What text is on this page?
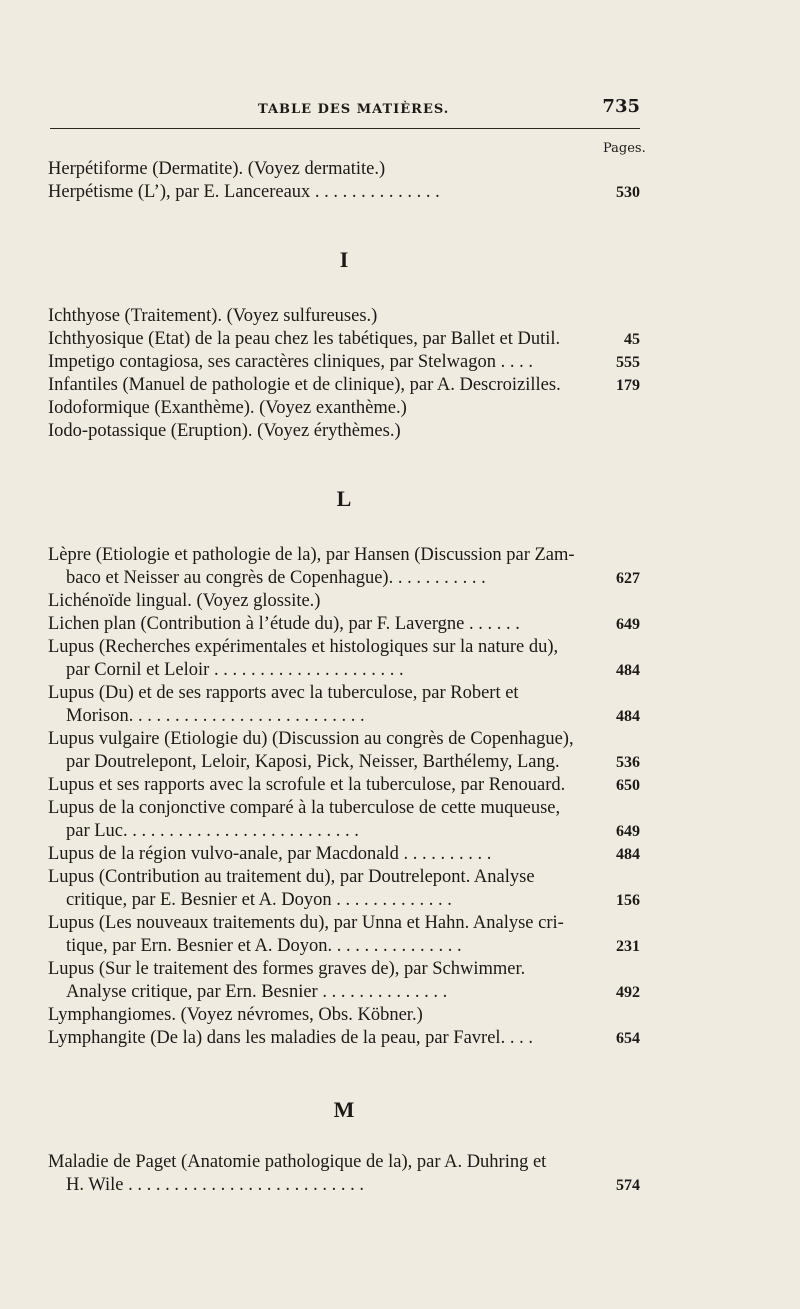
TABLE DES MATIÈRES.	735
Pages.
Herpétiforme (Dermatite). (Voyez dermatite.)
Herpétisme (L’), par E. Lancereaux . . . . . . . . . . . . . .	530
I
Ichthyose (Traitement). (Voyez sulfureuses.)
Ichthyosique (Etat) de la peau chez les tabétiques, par Ballet et Dutil.	45
Impetigo contagiosa, ses caractères cliniques, par Stelwagon . . . .	555
Infantiles (Manuel de pathologie et de clinique), par A. Descroizilles.	179
Iodoformique (Exanthème). (Voyez exanthème.)
Iodo-potassique (Eruption). (Voyez érythèmes.)
L
Lèpre (Etiologie et pathologie de la), par Hansen (Discussion par Zam-
baco et Neisser au congrès de Copenhague). . . . . . . . . . .	627
Lichénoïde lingual. (Voyez glossite.)
Lichen plan (Contribution à l’étude du), par F. Lavergne . . . . . .	649
Lupus (Recherches expérimentales et histologiques sur la nature du),
par Cornil et Leloir . . . . . . . . . . . . . . . . . . . . .	484
Lupus (Du) et de ses rapports avec la tuberculose, par Robert et
Morison. . . . . . . . . . . . . . . . . . . . . . . . . .	484
Lupus vulgaire (Etiologie du) (Discussion au congrès de Copenhague),
par Doutrelepont, Leloir, Kaposi, Pick, Neisser, Barthélemy, Lang.	536
Lupus et ses rapports avec la scrofule et la tuberculose, par Renouard.	650
Lupus de la conjonctive comparé à la tuberculose de cette muqueuse,
par Luc. . . . . . . . . . . . . . . . . . . . . . . . . .	649
Lupus de la région vulvo-anale, par Macdonald . . . . . . . . . .	484
Lupus (Contribution au traitement du), par Doutrelepont. Analyse
critique, par E. Besnier et A. Doyon . . . . . . . . . . . . .	156
Lupus (Les nouveaux traitements du), par Unna et Hahn. Analyse cri-
tique, par Ern. Besnier et A. Doyon. . . . . . . . . . . . . . .	231
Lupus (Sur le traitement des formes graves de), par Schwimmer.
Analyse critique, par Ern. Besnier . . . . . . . . . . . . . .	492
Lymphangiomes. (Voyez névromes, Obs. Köbner.)
Lymphangite (De la) dans les maladies de la peau, par Favrel. . . .	654
M
Maladie de Paget (Anatomie pathologique de la), par A. Duhring et
H. Wile . . . . . . . . . . . . . . . . . . . . . . . . . .	574
